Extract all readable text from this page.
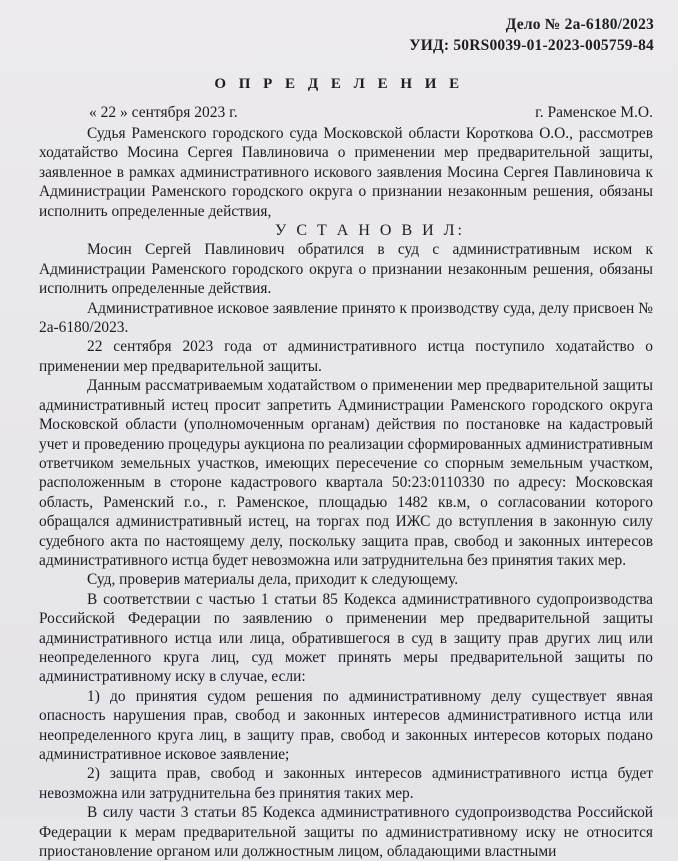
Дело № 2а-6180/2023
УИД: 50RS0039-01-2023-005759-84
О П Р Е Д Е Л Е Н И Е
« 22 » сентября 2023 г.	г. Раменское М.О.

Судья Раменского городского суда Московской области Короткова О.О., рассмотрев ходатайство Мосина Сергея Павлиновича о применении мер предварительной защиты, заявленное в рамках административного искового заявления Мосина Сергея Павлиновича к Администрации Раменского городского округа о признании незаконным решения, обязаны исполнить определенные действия,

У С Т А Н О В И Л:

Мосин Сергей Павлинович обратился в суд с административным иском к Администрации Раменского городского округа о признании незаконным решения, обязаны исполнить определенные действия.

Административное исковое заявление принято к производству суда, делу присвоен № 2а-6180/2023.

22 сентября 2023 года от административного истца поступило ходатайство о применении мер предварительной защиты.

Данным рассматриваемым ходатайством о применении мер предварительной защиты административный истец просит запретить Администрации Раменского городского округа Московской области (уполномоченным органам) действия по постановке на кадастровый учет и проведению процедуры аукциона по реализации сформированных административным ответчиком земельных участков, имеющих пересечение со спорным земельным участком, расположенным в стороне кадастрового квартала 50:23:0110330 по адресу: Московская область, Раменский г.о., г. Раменское, площадью 1482 кв.м, о согласовании которого обращался административный истец, на торгах под ИЖС до вступления в законную силу судебного акта по настоящему делу, поскольку защита прав, свобод и законных интересов административного истца будет невозможна или затруднительна без принятия таких мер.

Суд, проверив материалы дела, приходит к следующему.

В соответствии с частью 1 статьи 85 Кодекса административного судопроизводства Российской Федерации по заявлению о применении мер предварительной защиты административного истца или лица, обратившегося в суд в защиту прав других лиц или неопределенного круга лиц, суд может принять меры предварительной защиты по административному иску в случае, если:

1) до принятия судом решения по административному делу существует явная опасность нарушения прав, свобод и законных интересов административного истца или неопределенного круга лиц, в защиту прав, свобод и законных интересов которых подано административное исковое заявление;

2) защита прав, свобод и законных интересов административного истца будет невозможна или затруднительна без принятия таких мер.

В силу части 3 статьи 85 Кодекса административного судопроизводства Российской Федерации к мерам предварительной защиты по административному иску не относится приостановление органом или должностным лицом, обладающими властными
